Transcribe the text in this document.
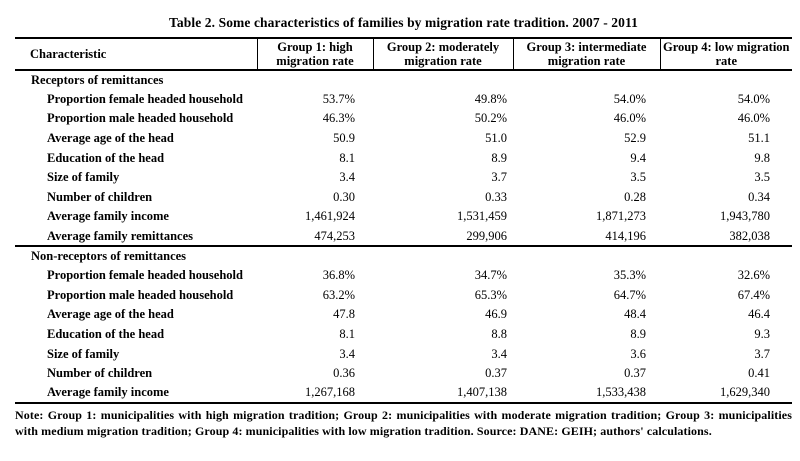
Table 2. Some characteristics of families by migration rate tradition. 2007 - 2011
Characteristic	Group 1: high migration rate	Group 2: moderately migration rate	Group 3: intermediate migration rate	Group 4: low migration rate
Receptors of remittances				
Proportion female headed household	53.7%	49.8%	54.0%	54.0%
Proportion male headed household	46.3%	50.2%	46.0%	46.0%
Average age of the head	50.9	51.0	52.9	51.1
Education of the head	8.1	8.9	9.4	9.8
Size of family	3.4	3.7	3.5	3.5
Number of children	0.30	0.33	0.28	0.34
Average family income	1,461,924	1,531,459	1,871,273	1,943,780
Average family remittances	474,253	299,906	414,196	382,038
Non-receptors of remittances				
Proportion female headed household	36.8%	34.7%	35.3%	32.6%
Proportion male headed household	63.2%	65.3%	64.7%	67.4%
Average age of the head	47.8	46.9	48.4	46.4
Education of the head	8.1	8.8	8.9	9.3
Size of family	3.4	3.4	3.6	3.7
Number of children	0.36	0.37	0.37	0.41
Average family income	1,267,168	1,407,138	1,533,438	1,629,340
Note: Group 1: municipalities with high migration tradition; Group 2: municipalities with moderate migration tradition; Group 3: municipalities with medium migration tradition; Group 4: municipalities with low migration tradition. Source: DANE: GEIH; authors' calculations.
